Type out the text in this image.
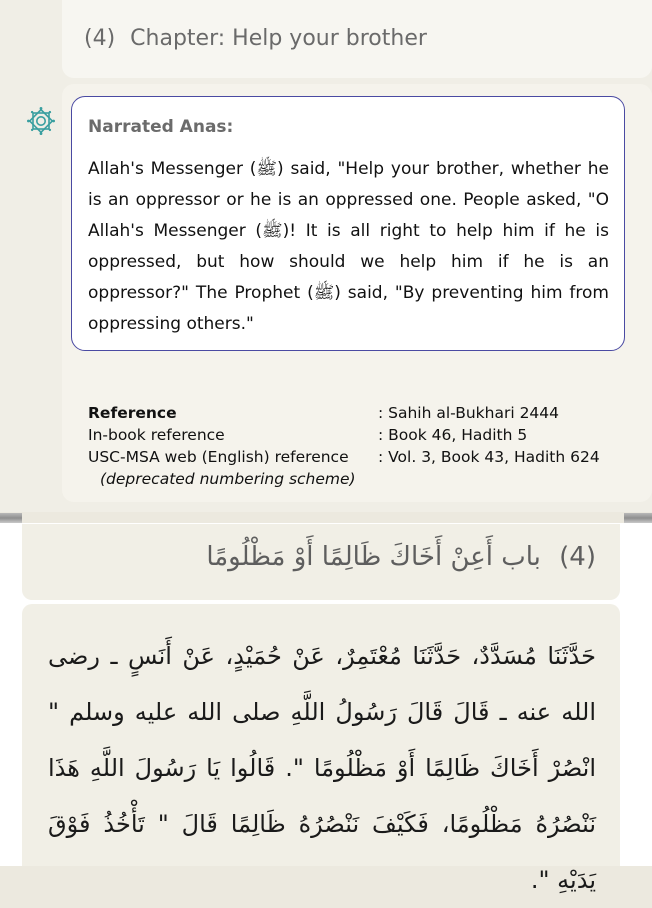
(4) Chapter: Help your brother
Narrated Anas:

Allah's Messenger (ﷺ) said, "Help your brother, whether he is an oppressor or he is an oppressed one. People asked, "O Allah's Messenger (ﷺ)! It is all right to help him if he is oppressed, but how should we help him if he is an oppressor?" The Prophet (ﷺ) said, "By preventing him from oppressing others."

Reference	: Sahih al-Bukhari 2444
In-book reference	: Book 46, Hadith 5
USC-MSA web (English) reference : Vol. 3, Book 43, Hadith 624
(deprecated numbering scheme)
(4) باب أَعِنْ أَخَاكَ ظَالِمًا أَوْ مَظْلُومًا

حَدَّثَنَا مُسَدَّدٌ، حَدَّثَنَا مُعْتَمِرٌ، عَنْ حُمَيْدٍ، عَنْ أَنَسٍ ـ رضى الله عنه ـ قَالَ قَالَ رَسُولُ اللَّهِ صلى الله عليه وسلم " انْصُرْ أَخَاكَ ظَالِمًا أَوْ مَظْلُومًا ". قَالُوا يَا رَسُولَ اللَّهِ هَذَا نَنْصُرُهُ مَظْلُومًا، فَكَيْفَ نَنْصُرُهُ ظَالِمًا قَالَ " تَأْخُذُ فَوْقَ يَدَيْهِ ".
